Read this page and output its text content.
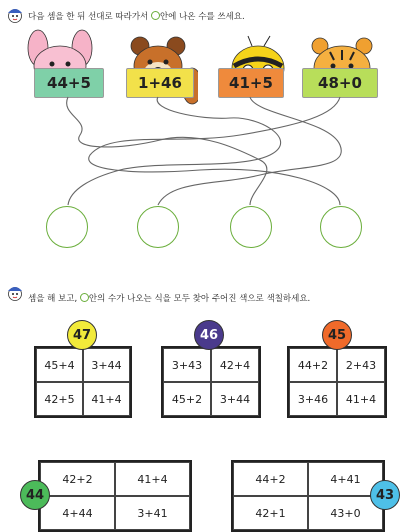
다음 셈을 한 뒤 선대로 따라가서 안에 나온 수를 쓰세요.
44+5	1+46	41+5	48+0
셈을 해 보고, 안의 수가 나오는 식을 모두 찾아 주어진 색으로 색칠하세요.
45+4	3+44
42+5	41+4
47
3+43	42+4
45+2	3+44
46
44+2	2+43
3+46	41+4
45
42+2	41+4
4+44	3+41
44
44+2	4+41
42+1	43+0
43
